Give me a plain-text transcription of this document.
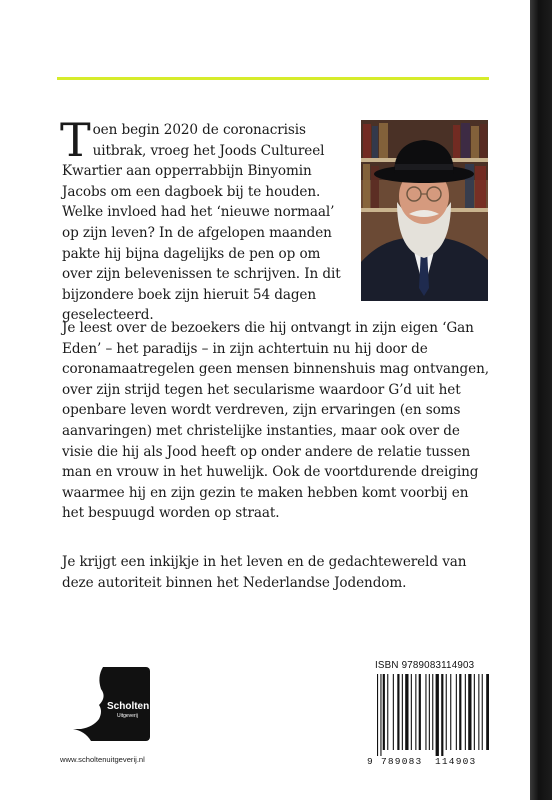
Toen begin 2020 de coronacrisis uitbrak, vroeg het Joods Cultureel Kwartier aan opperrabbijn Binyomin Jacobs om een dagboek bij te houden. Welke invloed had het ‘nieuwe normaal’ op zijn leven? In de afgelopen maanden pakte hij bijna dagelijks de pen op om over zijn belevenissen te schrijven. In dit bijzondere boek zijn hieruit 54 dagen geselecteerd.
Je leest over de bezoekers die hij ontvangt in zijn eigen ‘Gan Eden’ – het paradijs – in zijn achtertuin nu hij door de coronamaatregelen geen mensen binnenshuis mag ontvangen, over zijn strijd tegen het secularisme waardoor G’d uit het openbare leven wordt verdreven, zijn ervaringen (en soms aanvaringen) met christelijke instanties, maar ook over de visie die hij als Jood heeft op onder andere de relatie tussen man en vrouw in het huwelijk. Ook de voortdurende dreiging waarmee hij en zijn gezin te maken hebben komt voorbij en het bespuugd worden op straat.
Je krijgt een inkijkje in het leven en de gedachtewereld van deze autoriteit binnen het Nederlandse Jodendom.
Scholten
Uitgeverij
www.scholtenuitgeverij.nl
ISBN 9789083114903
9 789083 114903
